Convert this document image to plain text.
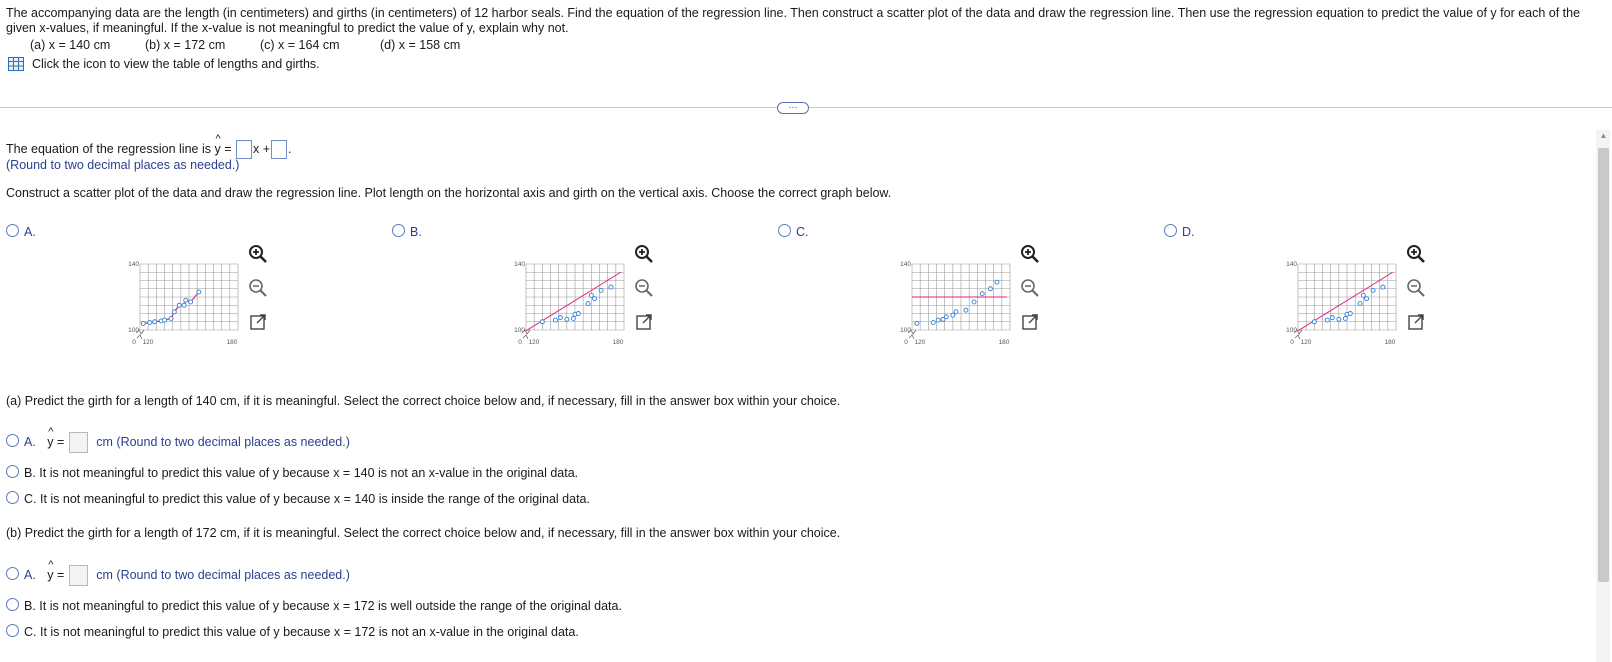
The accompanying data are the length (in centimeters) and girths (in centimeters) of 12 harbor seals. Find the equation of the regression line. Then construct a scatter plot of the data and draw the regression line. Then use the regression equation to predict the value of y for each of the given x-values, if meaningful. If the x-value is not meaningful to predict the value of y, explain why not.
(a) x = 140 cm	(b) x = 172 cm	(c) x = 164 cm	(d) x = 158 cm
Click the icon to view the table of lengths and girths.
…
▲
The equation of the regression line is
^
y = x + .
(Round to two decimal places as needed.)
Construct a scatter plot of the data and draw the regression line. Plot length on the horizontal axis and girth on the vertical axis. Choose the correct graph below.
A.
140
100
0 120	180
B.
140
100
0 120	180
C.
140
100
0 120	180
D.
140
100
0 120	180
(a) Predict the girth for a length of 140 cm, if it is meaningful. Select the correct choice below and, if necessary, fill in the answer box within your choice.
A.
^
y =  cm (Round to two decimal places as needed.)
B. It is not meaningful to predict this value of y because x = 140 is not an x-value in the original data.
C. It is not meaningful to predict this value of y because x = 140 is inside the range of the original data.
(b) Predict the girth for a length of 172 cm, if it is meaningful. Select the correct choice below and, if necessary, fill in the answer box within your choice.
A.
^
y =  cm (Round to two decimal places as needed.)
B. It is not meaningful to predict this value of y because x = 172 is well outside the range of the original data.
C. It is not meaningful to predict this value of y because x = 172 is not an x-value in the original data.
